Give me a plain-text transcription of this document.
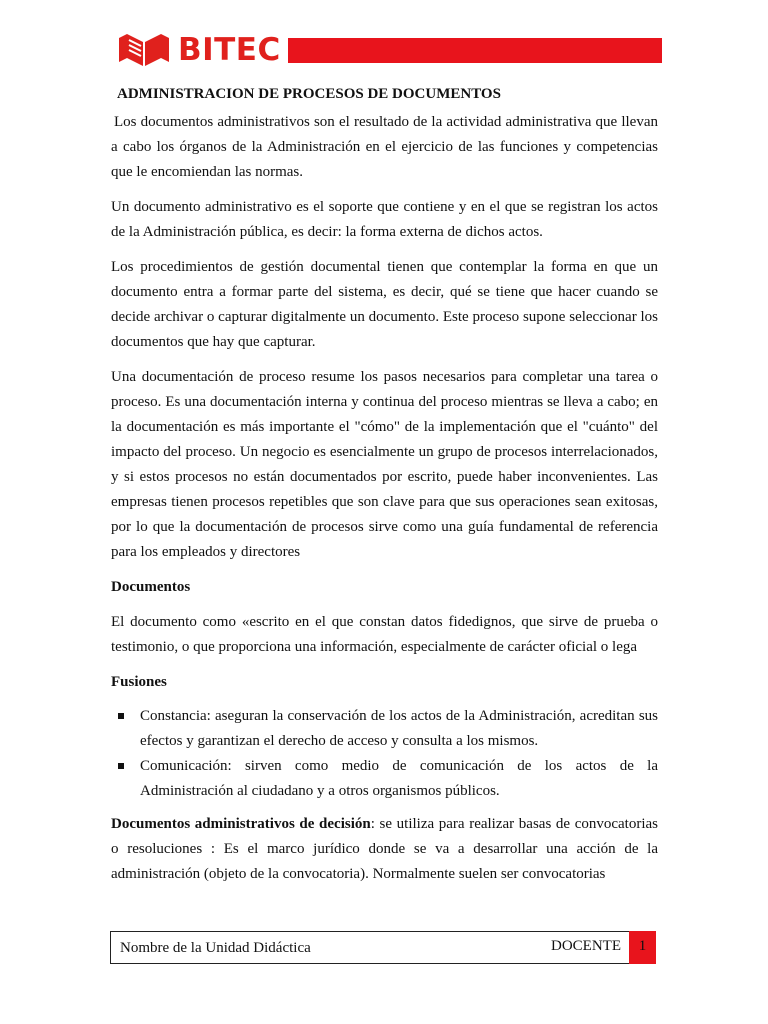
BITEC
ADMINISTRACION DE PROCESOS DE DOCUMENTOS

Los documentos administrativos son el resultado de la actividad administrativa que llevan a cabo los órganos de la Administración en el ejercicio de las funciones y competencias que le encomiendan las normas.

Un documento administrativo es el soporte que contiene y en el que se registran los actos de la Administración pública, es decir: la forma externa de dichos actos.

Los procedimientos de gestión documental tienen que contemplar la forma en que un documento entra a formar parte del sistema, es decir, qué se tiene que hacer cuando se decide archivar o capturar digitalmente un documento. Este proceso supone seleccionar los documentos que hay que capturar.

Una documentación de proceso resume los pasos necesarios para completar una tarea o proceso. Es una documentación interna y continua del proceso mientras se lleva a cabo; en la documentación es más importante el "cómo" de la implementación que el "cuánto" del impacto del proceso. Un negocio es esencialmente un grupo de procesos interrelacionados, y si estos procesos no están documentados por escrito, puede haber inconvenientes. Las empresas tienen procesos repetibles que son clave para que sus operaciones sean exitosas, por lo que la documentación de procesos sirve como una guía fundamental de referencia para los empleados y directores

Documentos

El documento como «escrito en el que constan datos fidedignos, que sirve de prueba o testimonio, o que proporciona una información, especialmente de carácter oficial o lega

Fusiones

Constancia: aseguran la conservación de los actos de la Administración, acreditan sus efectos y garantizan el derecho de acceso y consulta a los mismos.
Comunicación: sirven como medio de comunicación de los actos de la Administración al ciudadano y a otros organismos públicos.

Documentos administrativos de decisión: se utiliza para realizar basas de convocatorias o resoluciones : Es el marco jurídico donde se va a desarrollar una acción de la administración (objeto de la convocatoria). Normalmente suelen ser convocatorias

Nombre de la Unidad Didáctica	DOCENTE	1
